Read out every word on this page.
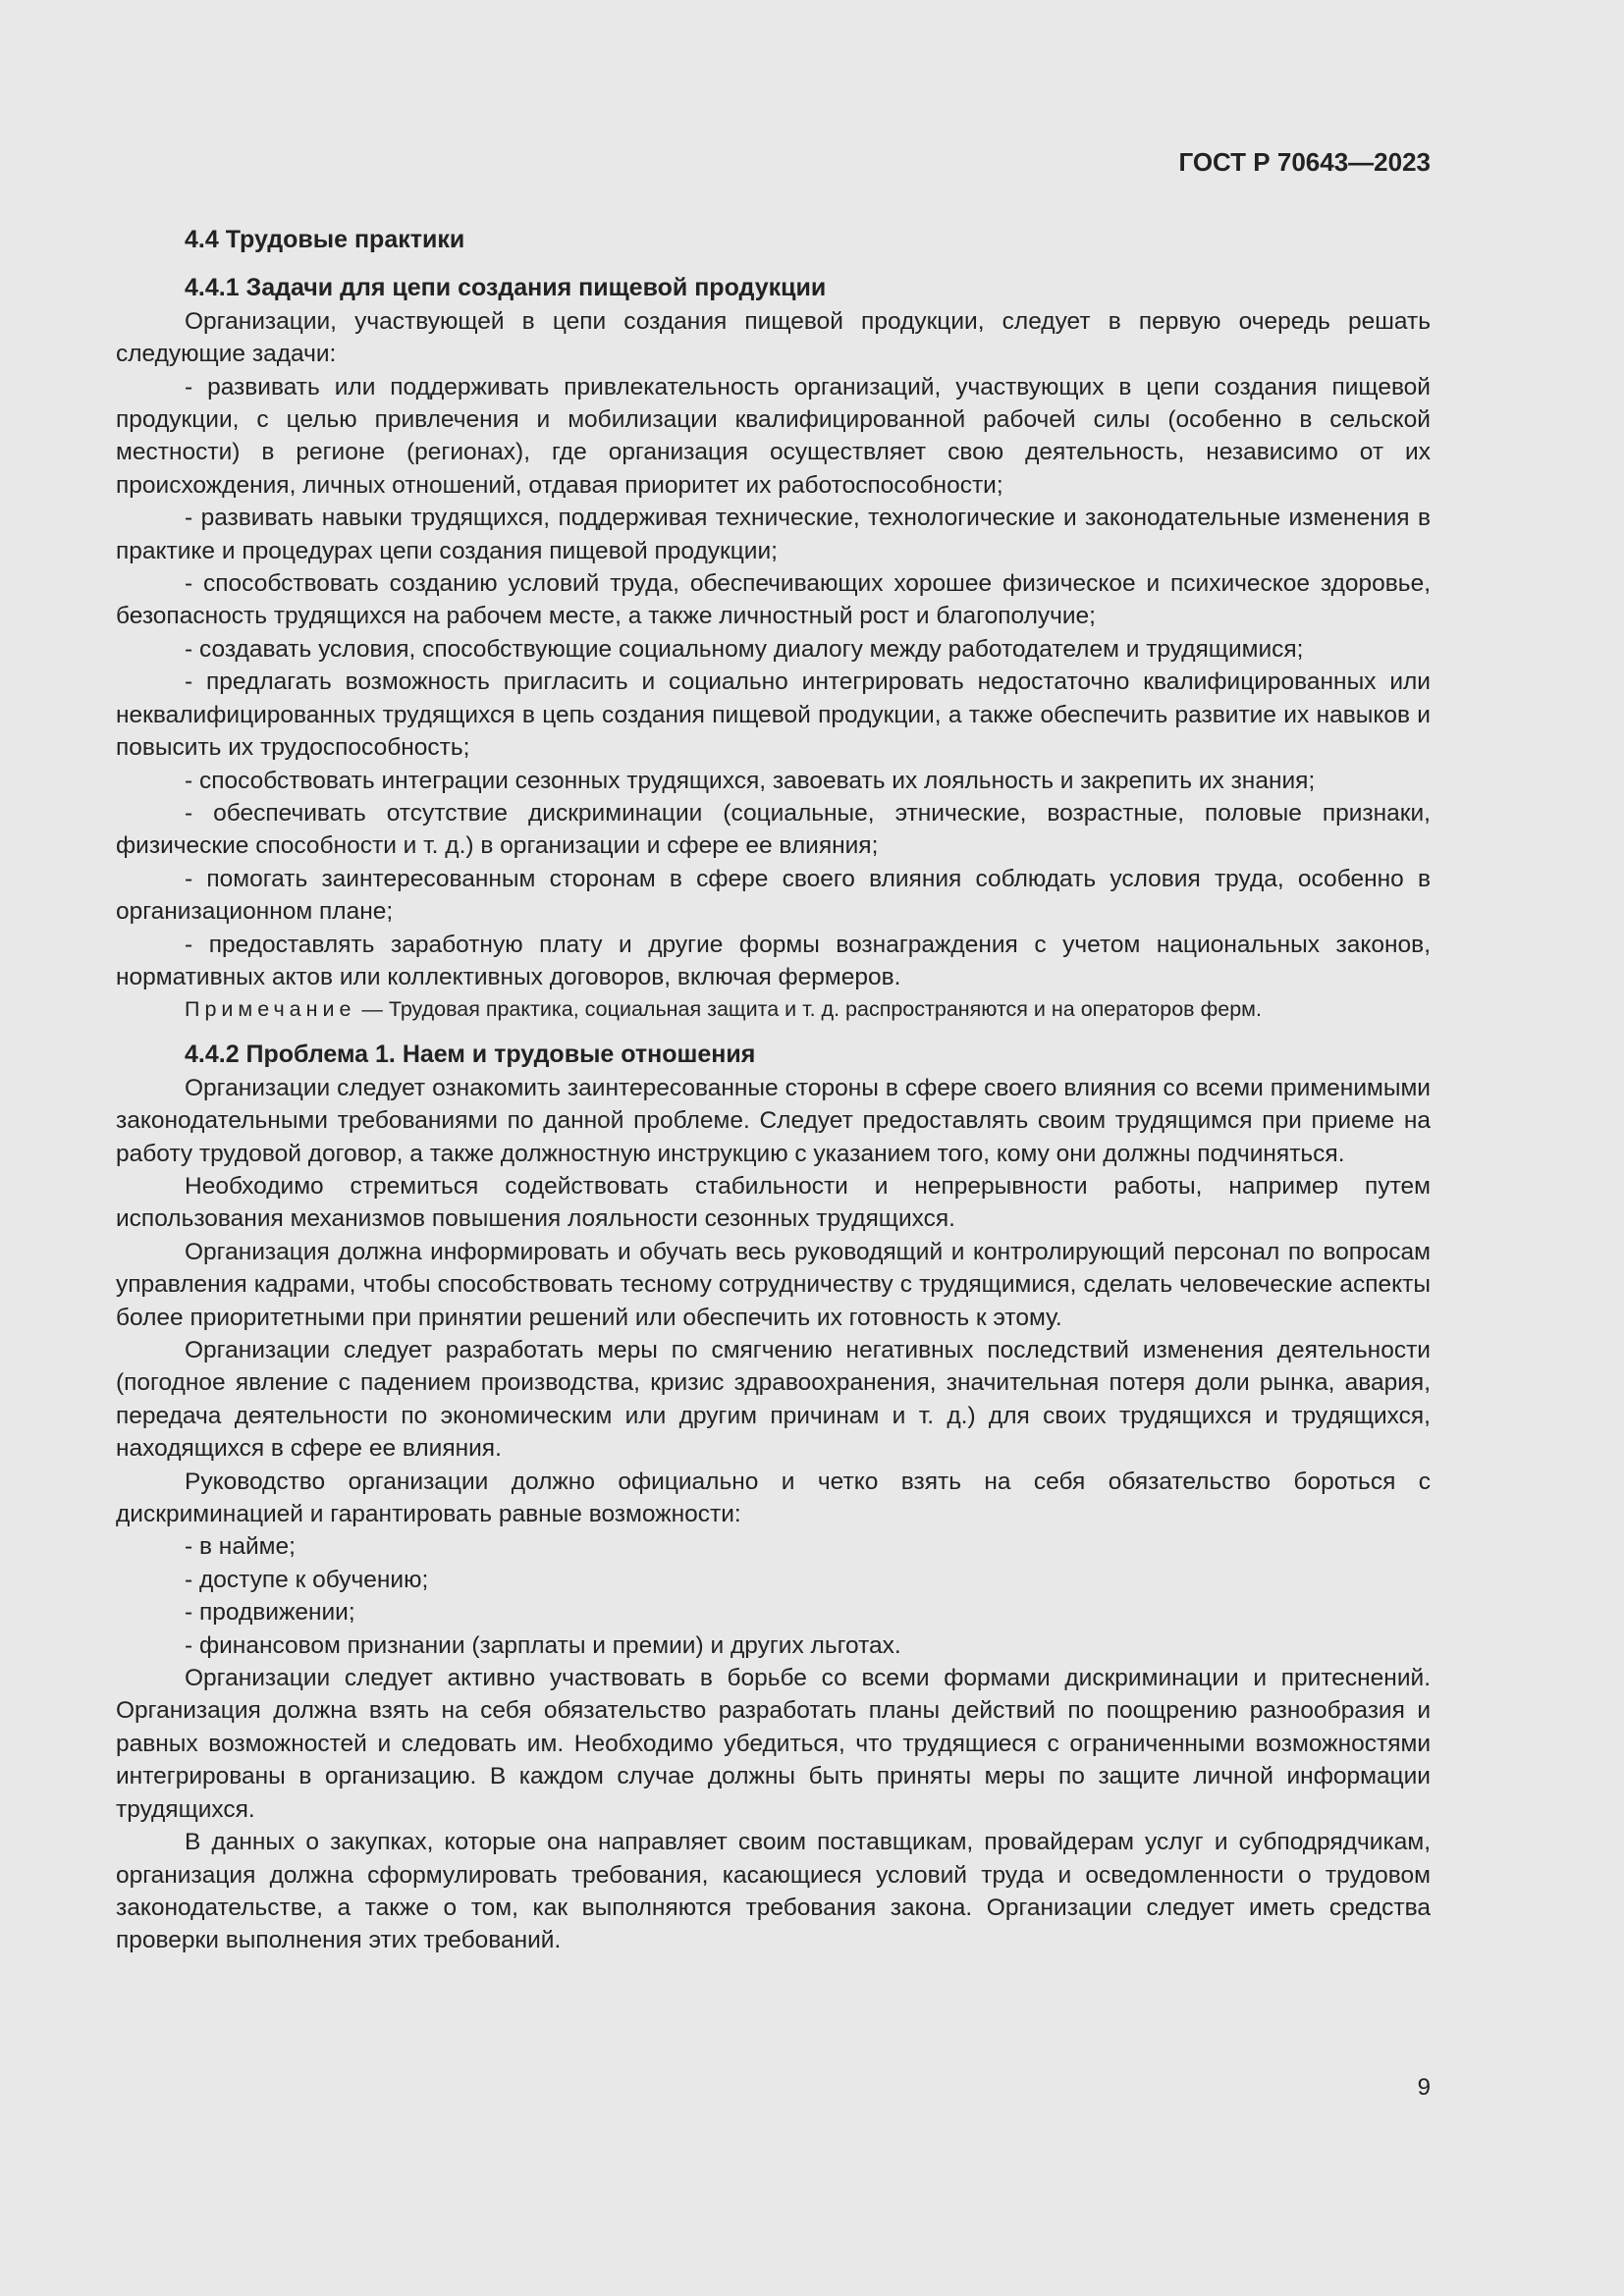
ГОСТ Р 70643—2023
4.4 Трудовые практики
4.4.1 Задачи для цепи создания пищевой продукции

Организации, участвующей в цепи создания пищевой продукции, следует в первую очередь решать следующие задачи:

- развивать или поддерживать привлекательность организаций, участвующих в цепи создания пищевой продукции, с целью привлечения и мобилизации квалифицированной рабочей силы (особенно в сельской местности) в регионе (регионах), где организация осуществляет свою деятельность, независимо от их происхождения, личных отношений, отдавая приоритет их работоспособности;

- развивать навыки трудящихся, поддерживая технические, технологические и законодательные изменения в практике и процедурах цепи создания пищевой продукции;

- способствовать созданию условий труда, обеспечивающих хорошее физическое и психическое здоровье, безопасность трудящихся на рабочем месте, а также личностный рост и благополучие;

- создавать условия, способствующие социальному диалогу между работодателем и трудящимися;

- предлагать возможность пригласить и социально интегрировать недостаточно квалифицированных или неквалифицированных трудящихся в цепь создания пищевой продукции, а также обеспечить развитие их навыков и повысить их трудоспособность;

- способствовать интеграции сезонных трудящихся, завоевать их лояльность и закрепить их знания;

- обеспечивать отсутствие дискриминации (социальные, этнические, возрастные, половые признаки, физические способности и т. д.) в организации и сфере ее влияния;

- помогать заинтересованным сторонам в сфере своего влияния соблюдать условия труда, особенно в организационном плане;

- предоставлять заработную плату и другие формы вознаграждения с учетом национальных законов, нормативных актов или коллективных договоров, включая фермеров.

Примечание — Трудовая практика, социальная защита и т. д. распространяются и на операторов ферм.

4.4.2 Проблема 1. Наем и трудовые отношения

Организации следует ознакомить заинтересованные стороны в сфере своего влияния со всеми применимыми законодательными требованиями по данной проблеме. Следует предоставлять своим трудящимся при приеме на работу трудовой договор, а также должностную инструкцию с указанием того, кому они должны подчиняться.

Необходимо стремиться содействовать стабильности и непрерывности работы, например путем использования механизмов повышения лояльности сезонных трудящихся.

Организация должна информировать и обучать весь руководящий и контролирующий персонал по вопросам управления кадрами, чтобы способствовать тесному сотрудничеству с трудящимися, сделать человеческие аспекты более приоритетными при принятии решений или обеспечить их готовность к этому.

Организации следует разработать меры по смягчению негативных последствий изменения деятельности (погодное явление с падением производства, кризис здравоохранения, значительная потеря доли рынка, авария, передача деятельности по экономическим или другим причинам и т. д.) для своих трудящихся и трудящихся, находящихся в сфере ее влияния.

Руководство организации должно официально и четко взять на себя обязательство бороться с дискриминацией и гарантировать равные возможности:

- в найме;

- доступе к обучению;

- продвижении;

- финансовом признании (зарплаты и премии) и других льготах.

Организации следует активно участвовать в борьбе со всеми формами дискриминации и притеснений. Организация должна взять на себя обязательство разработать планы действий по поощрению разнообразия и равных возможностей и следовать им. Необходимо убедиться, что трудящиеся с ограниченными возможностями интегрированы в организацию. В каждом случае должны быть приняты меры по защите личной информации трудящихся.

В данных о закупках, которые она направляет своим поставщикам, провайдерам услуг и субподрядчикам, организация должна сформулировать требования, касающиеся условий труда и осведомленности о трудовом законодательстве, а также о том, как выполняются требования закона. Организации следует иметь средства проверки выполнения этих требований.

9
